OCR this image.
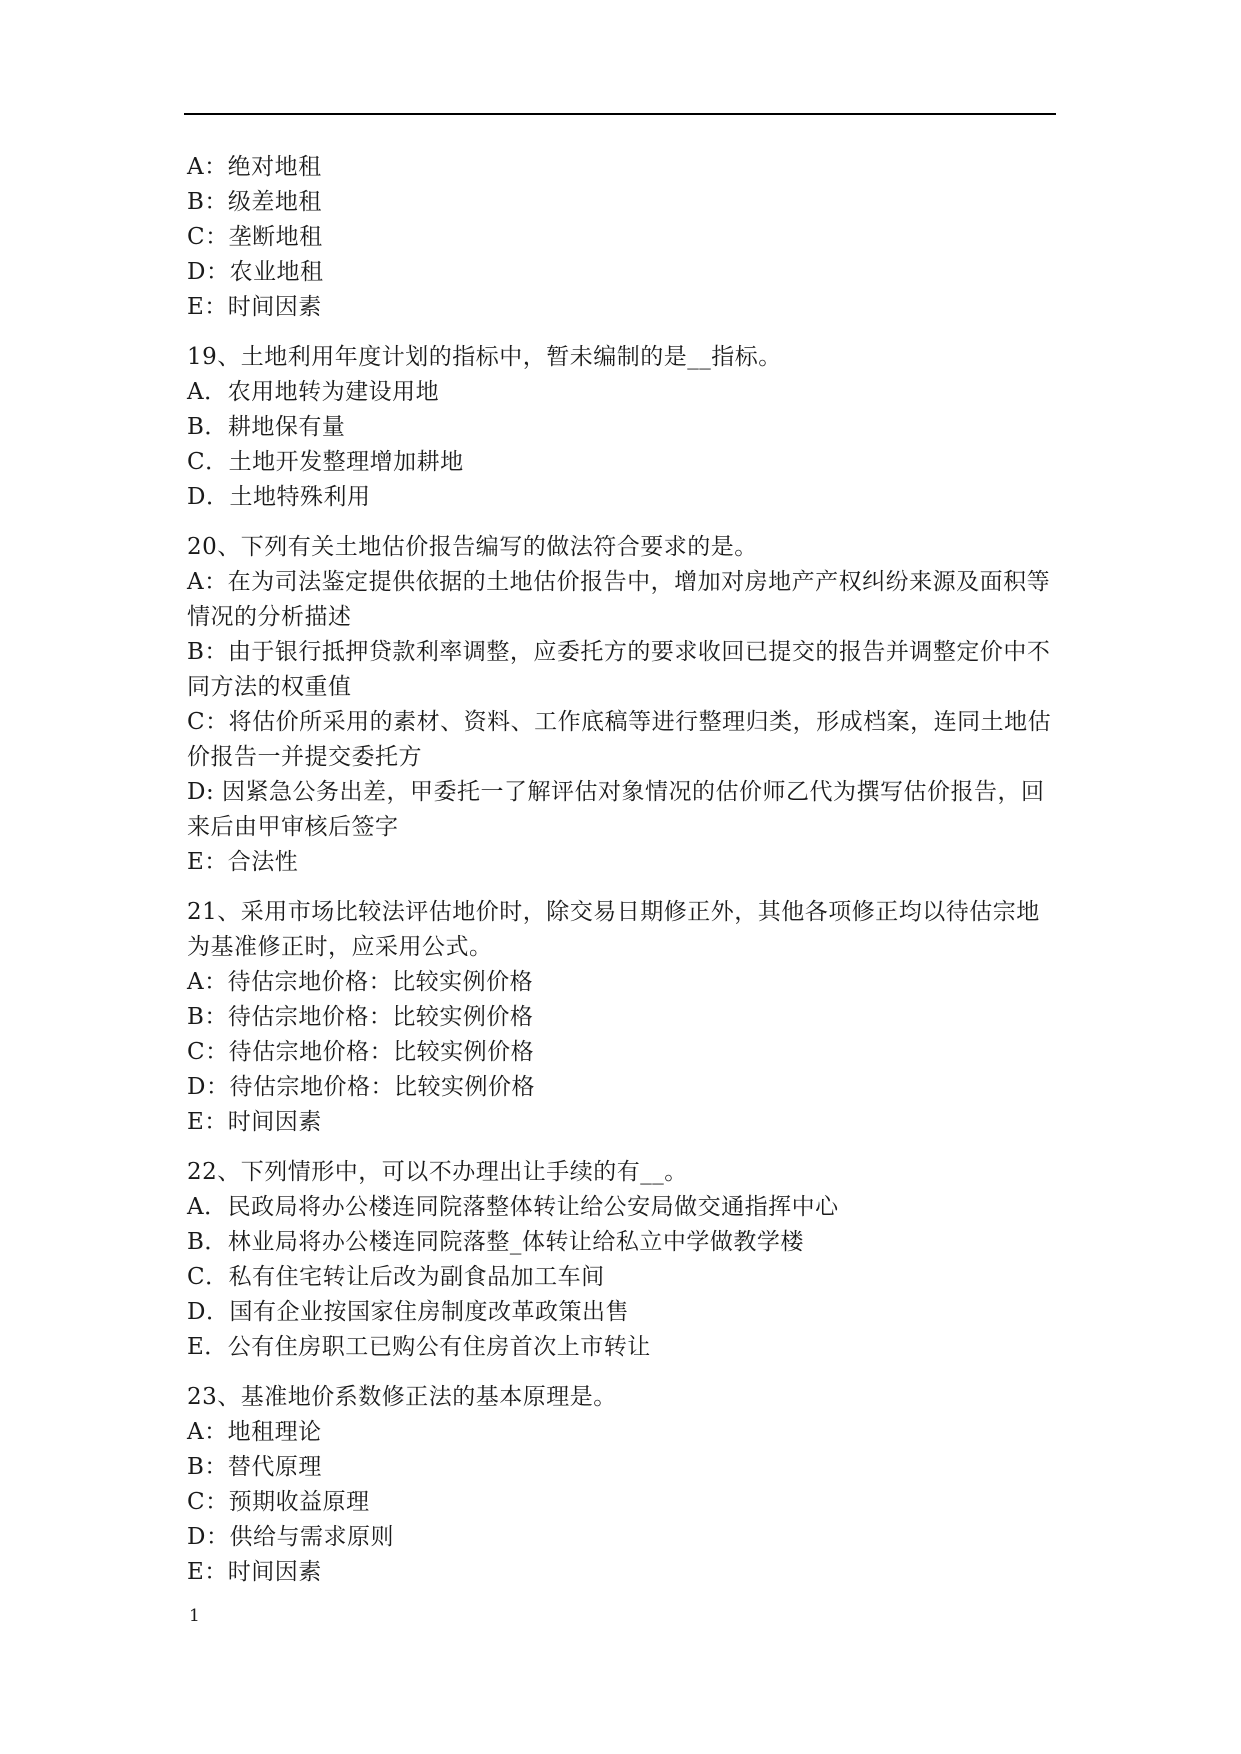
A：绝对地租
B：级差地租
C：垄断地租
D：农业地租
E：时间因素
19、土地利用年度计划的指标中，暂未编制的是__指标。
A．农用地转为建设用地
B．耕地保有量
C．土地开发整理增加耕地
D．土地特殊利用
20、下列有关土地估价报告编写的做法符合要求的是。
A：在为司法鉴定提供依据的土地估价报告中，增加对房地产产权纠纷来源及面积等情况的分析描述
B：由于银行抵押贷款利率调整，应委托方的要求收回已提交的报告并调整定价中不同方法的权重值
C：将估价所采用的素材、资料、工作底稿等进行整理归类，形成档案，连同土地估价报告一并提交委托方
D: 因紧急公务出差，甲委托一了解评估对象情况的估价师乙代为撰写估价报告，回来后由甲审核后签字
E：合法性
21、采用市场比较法评估地价时，除交易日期修正外，其他各项修正均以待估宗地为基准修正时，应采用公式。
A：待估宗地价格：比较实例价格
B：待估宗地价格：比较实例价格
C：待估宗地价格：比较实例价格
D：待估宗地价格：比较实例价格
E：时间因素
22、下列情形中，可以不办理出让手续的有__。
A．民政局将办公楼连同院落整体转让给公安局做交通指挥中心
B．林业局将办公楼连同院落整_体转让给私立中学做教学楼
C．私有住宅转让后改为副食品加工车间
D．国有企业按国家住房制度改革政策出售
E．公有住房职工已购公有住房首次上市转让
23、基准地价系数修正法的基本原理是。
A：地租理论
B：替代原理
C：预期收益原理
D：供给与需求原则
E：时间因素
1
